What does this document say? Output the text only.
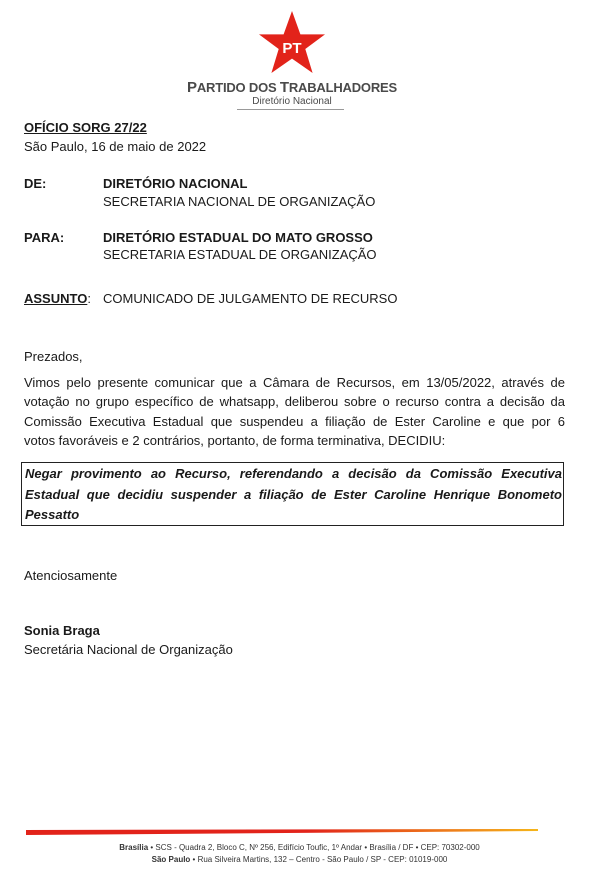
PT
PARTIDO DOS TRABALHADORES
Diretório Nacional
OFÍCIO SORG 27/22
São Paulo, 16 de maio de 2022
DE:	DIRETÓRIO NACIONAL
SECRETARIA NACIONAL DE ORGANIZAÇÃO
PARA:	DIRETÓRIO ESTADUAL DO MATO GROSSO
SECRETARIA ESTADUAL DE ORGANIZAÇÃO
ASSUNTO: COMUNICADO DE JULGAMENTO DE RECURSO
Prezados,
Vimos pelo presente comunicar que a Câmara de Recursos, em 13/05/2022, através de
votação no grupo específico de whatsapp, deliberou sobre o recurso contra a decisão da
Comissão Executiva Estadual que suspendeu a filiação de Ester Caroline e que por 6
votos favoráveis e 2 contrários, portanto, de forma terminativa, DECIDIU:
Negar provimento ao Recurso, referendando a decisão da Comissão Executiva
Estadual que decidiu suspender a filiação de Ester Caroline Henrique Bonometo
Pessatto
Atenciosamente
Sonia Braga
Secretária Nacional de Organização
Brasília • SCS - Quadra 2, Bloco C, Nº 256, Edifício Toufic, 1º Andar • Brasília / DF • CEP: 70302-000
São Paulo • Rua Silveira Martins, 132 – Centro - São Paulo / SP - CEP: 01019-000
